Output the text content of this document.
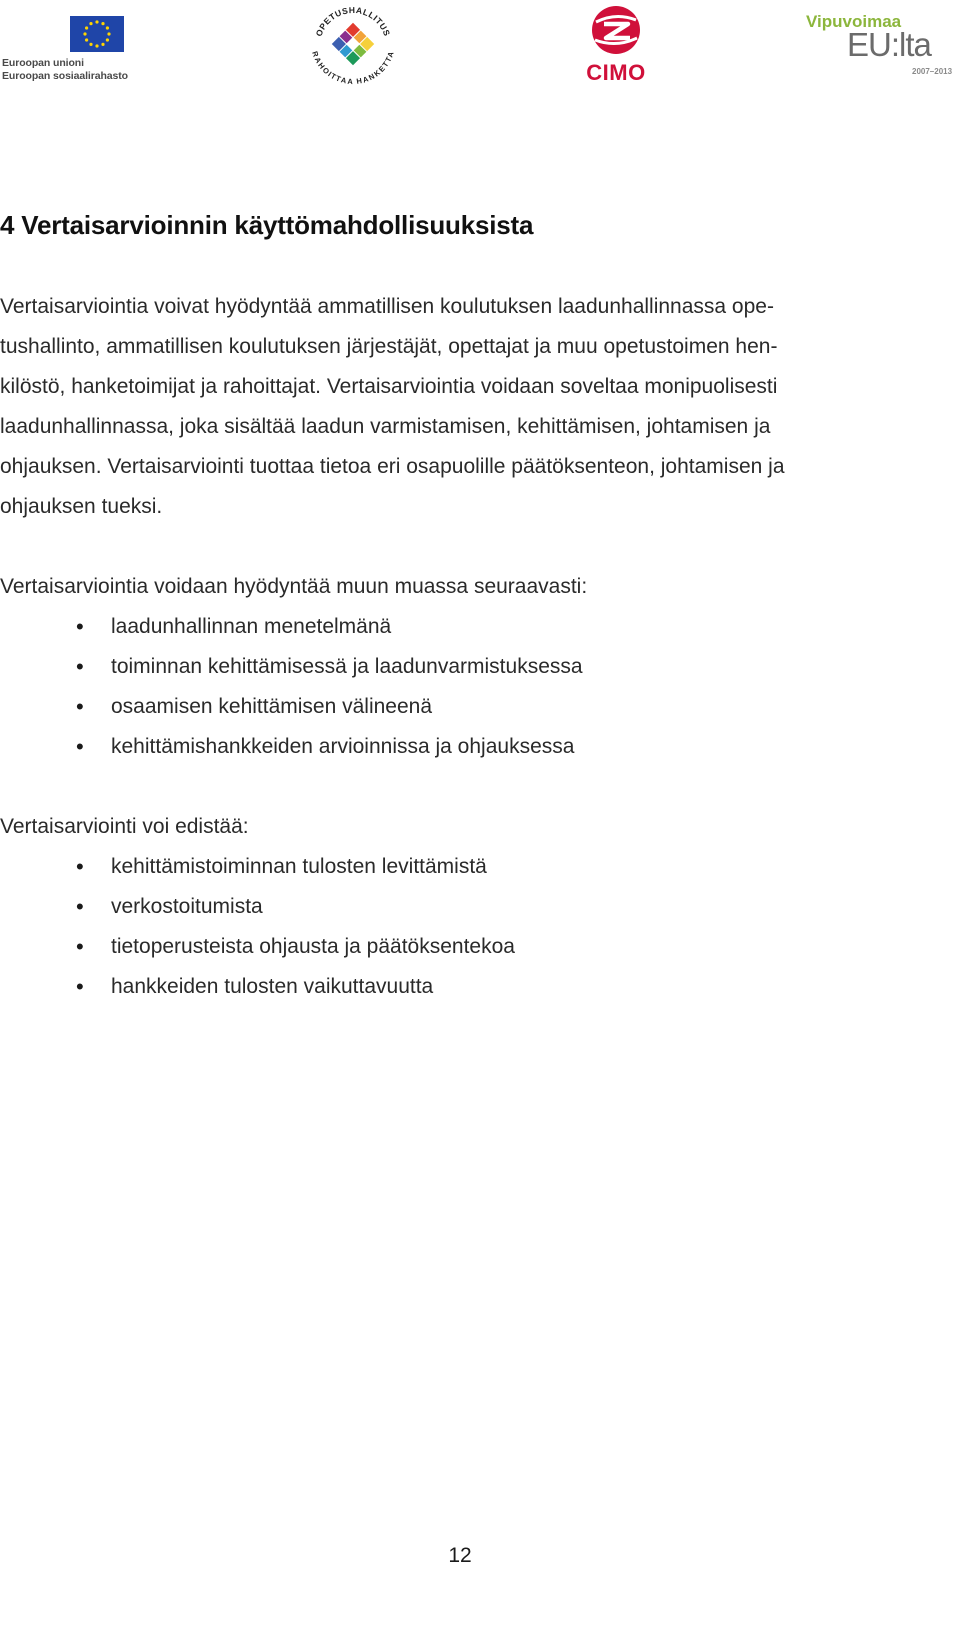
Euroopan unioni
Euroopan sosiaalirahasto
OPETUSHALLITUS
RAHOITTAA HANKETTA
CIMO
Vipuvoimaa
EU:lta
2007–2013
4 Vertaisarvioinnin käyttömahdollisuuksista
Vertaisarviointia voivat hyödyntää ammatillisen koulutuksen laadunhallinnassa ope-
tushallinto, ammatillisen koulutuksen järjestäjät, opettajat ja muu opetustoimen hen-
kilöstö, hanketoimijat ja rahoittajat. Vertaisarviointia voidaan soveltaa monipuolisesti
laadunhallinnassa, joka sisältää laadun varmistamisen, kehittämisen, johtamisen ja
ohjauksen. Vertaisarviointi tuottaa tietoa eri osapuolille päätöksenteon, johtamisen ja
ohjauksen tueksi.

Vertaisarviointia voidaan hyödyntää muun muassa seuraavasti:

• laadunhallinnan menetelmänä
• toiminnan kehittämisessä ja laadunvarmistuksessa
• osaamisen kehittämisen välineenä
• kehittämishankkeiden arvioinnissa ja ohjauksessa

Vertaisarviointi voi edistää:

• kehittämistoiminnan tulosten levittämistä
• verkostoitumista
• tietoperusteista ohjausta ja päätöksentekoa
• hankkeiden tulosten vaikuttavuutta
12
